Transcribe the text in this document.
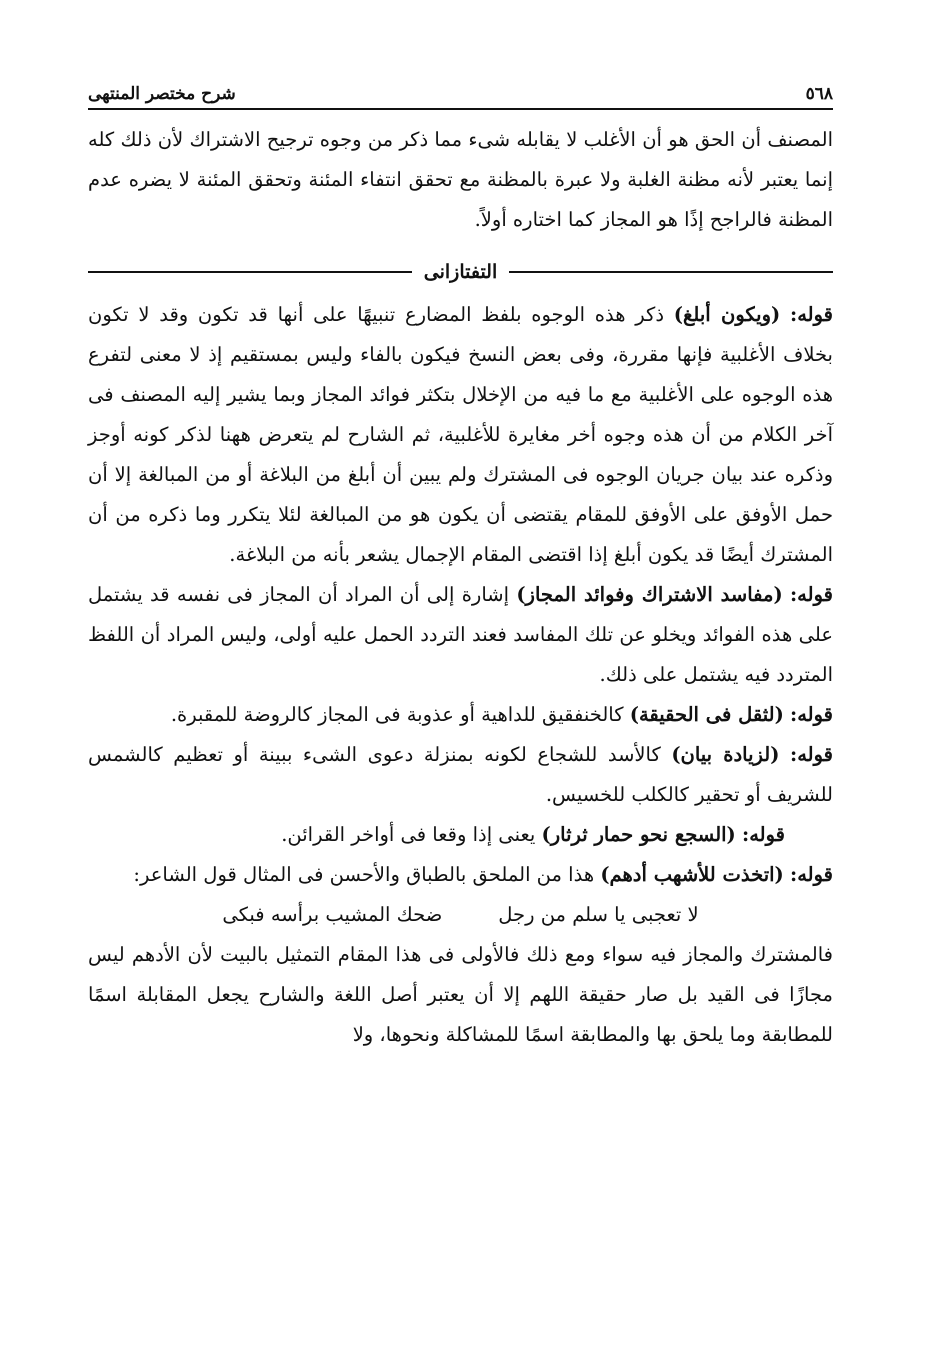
٥٦٨
شرح مختصر المنتهى

المصنف أن الحق هو أن الأغلب لا يقابله شىء مما ذكر من وجوه ترجيح الاشتراك لأن ذلك كله إنما يعتبر لأنه مظنة الغلبة ولا عبرة بالمظنة مع تحقق انتفاء المئنة وتحقق المئنة لا يضره عدم المظنة فالراجح إذًا هو المجاز كما اختاره أولاً.

التفتازانى

قوله: (ويكون أبلغ) ذكر هذه الوجوه بلفظ المضارع تنبيهًا على أنها قد تكون وقد لا تكون بخلاف الأغلبية فإنها مقررة، وفى بعض النسخ فيكون بالفاء وليس بمستقيم إذ لا معنى لتفرع هذه الوجوه على الأغلبية مع ما فيه من الإخلال بتكثر فوائد المجاز وبما يشير إليه المصنف فى آخر الكلام من أن هذه وجوه أخر مغايرة للأغلبية، ثم الشارح لم يتعرض ههنا لذكر كونه أوجز وذكره عند بيان جريان الوجوه فى المشترك ولم يبين أن أبلغ من البلاغة أو من المبالغة إلا أن حمل الأوفق على الأوفق للمقام يقتضى أن يكون هو من المبالغة لئلا يتكرر وما ذكره من أن المشترك أيضًا قد يكون أبلغ إذا اقتضى المقام الإجمال يشعر بأنه من البلاغة.

قوله: (مفاسد الاشتراك وفوائد المجاز) إشارة إلى أن المراد أن المجاز فى نفسه قد يشتمل على هذه الفوائد ويخلو عن تلك المفاسد فعند التردد الحمل عليه أولى، وليس المراد أن اللفظ المتردد فيه يشتمل على ذلك.

قوله: (لثقل فى الحقيقة) كالخنفقيق للداهية أو عذوبة فى المجاز كالروضة للمقبرة.

قوله: (لزيادة بيان) كالأسد للشجاع لكونه بمنزلة دعوى الشىء ببينة أو تعظيم كالشمس للشريف أو تحقير كالكلب للخسيس.

قوله: (السجع نحو حمار ثرثار) يعنى إذا وقعا فى أواخر القرائن.

قوله: (اتخذت للأشهب أدهم) هذا من الملحق بالطباق والأحسن فى المثال قول الشاعر:

لا تعجبى يا سلم من رجل
ضحك المشيب برأسه فبكى

فالمشترك والمجاز فيه سواء ومع ذلك فالأولى فى هذا المقام التمثيل بالبيت لأن الأدهم ليس مجازًا فى القيد بل صار حقيقة اللهم إلا أن يعتبر أصل اللغة والشارح يجعل المقابلة اسمًا للمطابقة وما يلحق بها والمطابقة اسمًا للمشاكلة ونحوها، ولا
